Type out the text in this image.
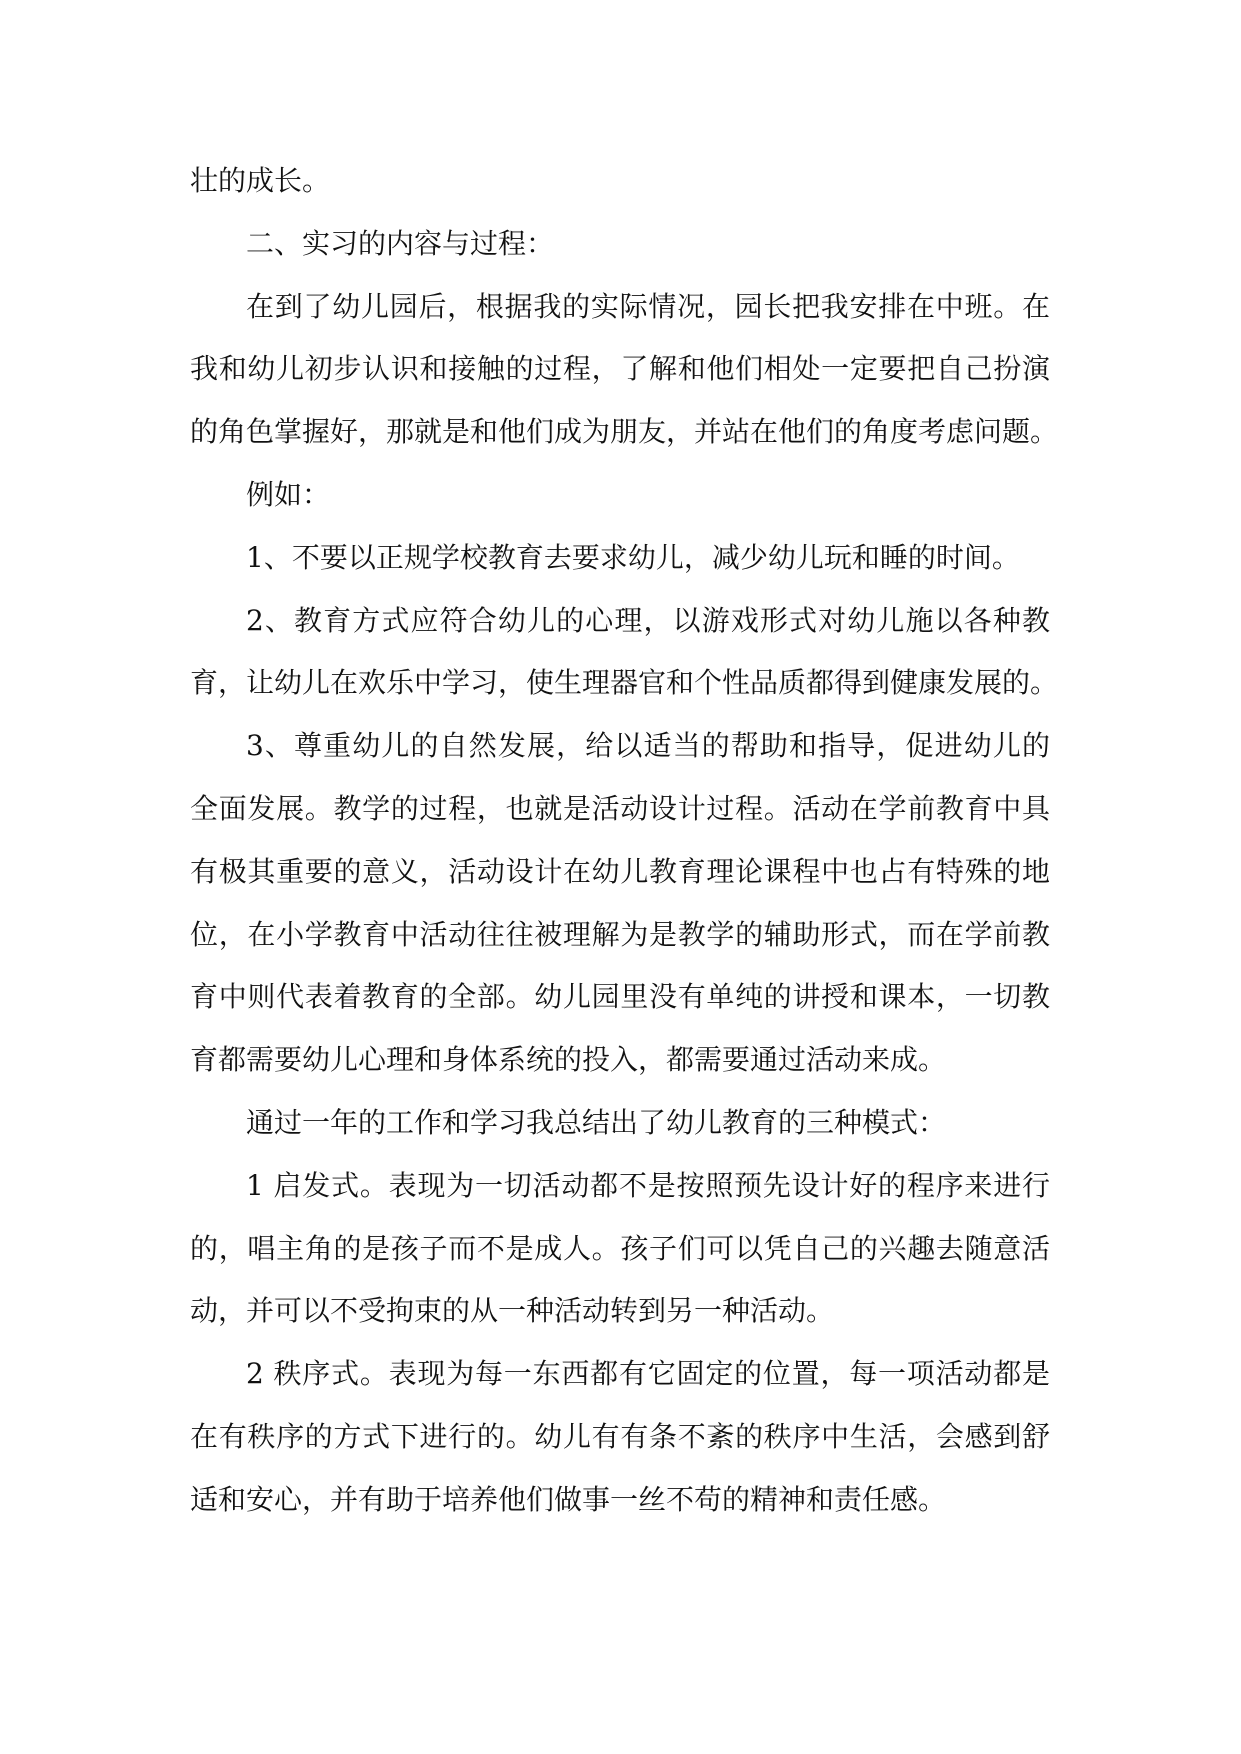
壮的成长。
二、实习的内容与过程：
在到了幼儿园后，根据我的实际情况，园长把我安排在中班。在
我和幼儿初步认识和接触的过程，了解和他们相处一定要把自己扮演
的角色掌握好，那就是和他们成为朋友，并站在他们的角度考虑问题。
例如：
1、不要以正规学校教育去要求幼儿，减少幼儿玩和睡的时间。
2、教育方式应符合幼儿的心理，以游戏形式对幼儿施以各种教
育，让幼儿在欢乐中学习，使生理器官和个性品质都得到健康发展的。
3、尊重幼儿的自然发展，给以适当的帮助和指导，促进幼儿的
全面发展。教学的过程，也就是活动设计过程。活动在学前教育中具
有极其重要的意义，活动设计在幼儿教育理论课程中也占有特殊的地
位，在小学教育中活动往往被理解为是教学的辅助形式，而在学前教
育中则代表着教育的全部。幼儿园里没有单纯的讲授和课本，一切教
育都需要幼儿心理和身体系统的投入，都需要通过活动来成。
通过一年的工作和学习我总结出了幼儿教育的三种模式：
1 启发式。表现为一切活动都不是按照预先设计好的程序来进行
的，唱主角的是孩子而不是成人。孩子们可以凭自己的兴趣去随意活
动，并可以不受拘束的从一种活动转到另一种活动。
2 秩序式。表现为每一东西都有它固定的位置，每一项活动都是
在有秩序的方式下进行的。幼儿有有条不紊的秩序中生活，会感到舒
适和安心，并有助于培养他们做事一丝不苟的精神和责任感。
